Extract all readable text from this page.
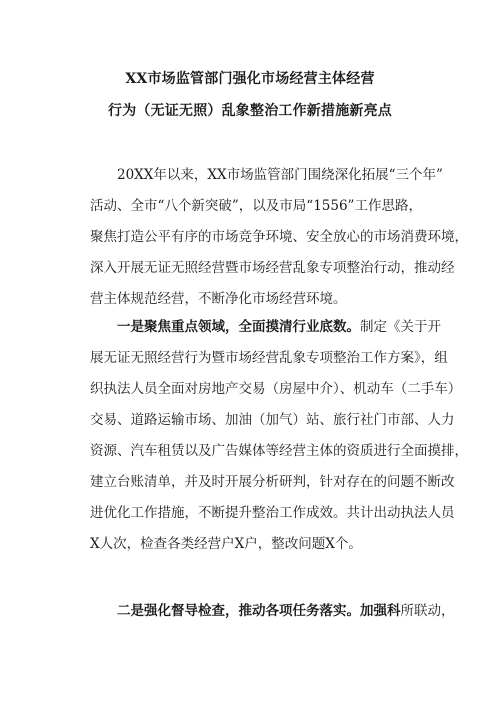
XX市场监管部门强化市场经营主体经营
行为（无证无照）乱象整治工作新措施新亮点
20XX年以来，XX市场监管部门围绕深化拓展“三个年”
活动、全市“八个新突破”，以及市局“1556”工作思路，
聚焦打造公平有序的市场竞争环境、安全放心的市场消费环境，
深入开展无证无照经营暨市场经营乱象专项整治行动，推动经
营主体规范经营，不断净化市场经营环境。
一是聚焦重点领域，全面摸清行业底数。制定《关于开
展无证无照经营行为暨市场经营乱象专项整治工作方案》，组
织执法人员全面对房地产交易（房屋中介）、机动车（二手车）
交易、道路运输市场、加油（加气）站、旅行社门市部、人力
资源、汽车租赁以及广告媒体等经营主体的资质进行全面摸排，
建立台账清单，并及时开展分析研判，针对存在的问题不断改
进优化工作措施，不断提升整治工作成效。共计出动执法人员
X人次，检查各类经营户X户，整改问题X个。
二是强化督导检查，推动各项任务落实。加强科所联动，
